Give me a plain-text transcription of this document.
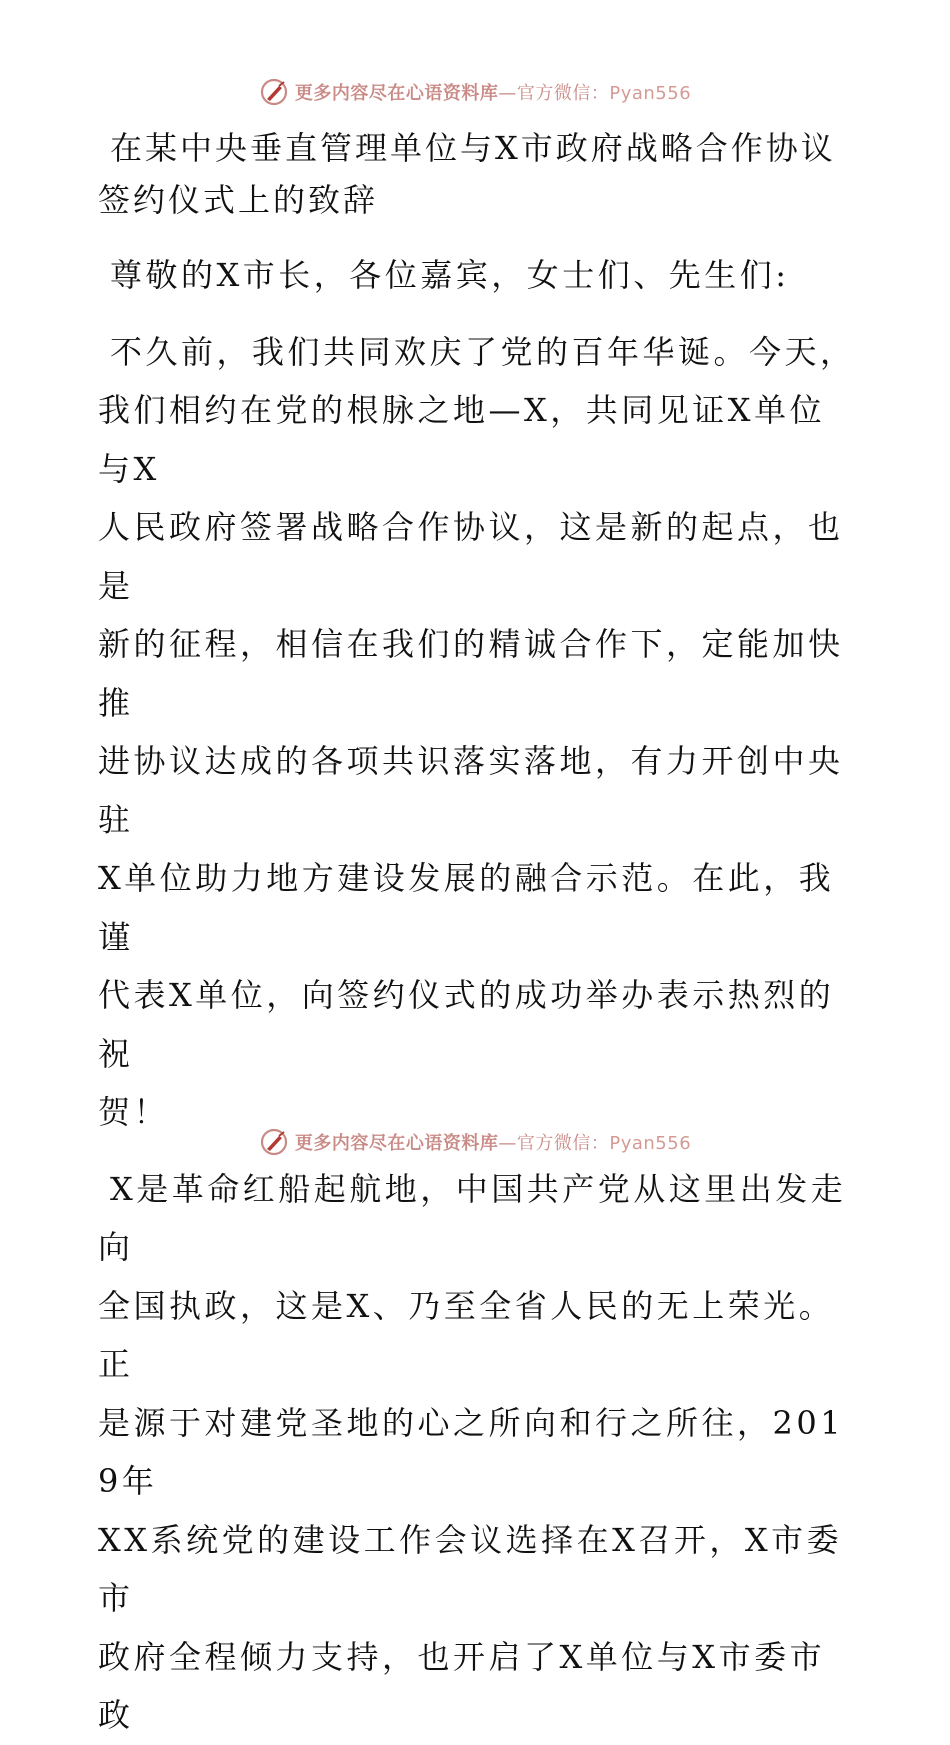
更多内容尽在心语资料库—官方微信：Pyan556

在某中央垂直管理单位与X市政府战略合作协议

签约仪式上的致辞

尊敬的X市长，各位嘉宾，女士们、先生们:

不久前，我们共同欢庆了党的百年华诞。今天，
我们相约在党的根脉之地—X，共同见证X单位与X
人民政府签署战略合作协议，这是新的起点，也是
新的征程，相信在我们的精诚合作下，定能加快推
进协议达成的各项共识落实落地，有力开创中央驻
X单位助力地方建设发展的融合示范。在此，我谨
代表X单位，向签约仪式的成功举办表示热烈的祝
贺！
X是革命红船起航地，中国共产党从这里出发走向
全国执政，这是X、乃至全省人民的无上荣光。正
是源于对建党圣地的心之所向和行之所往，2019年
XX系统党的建设工作会议选择在X召开，X市委市
政府全程倾力支持，也开启了X单位与X市委市政
更多内容尽在心语资料库—官方微信：Pyan556
